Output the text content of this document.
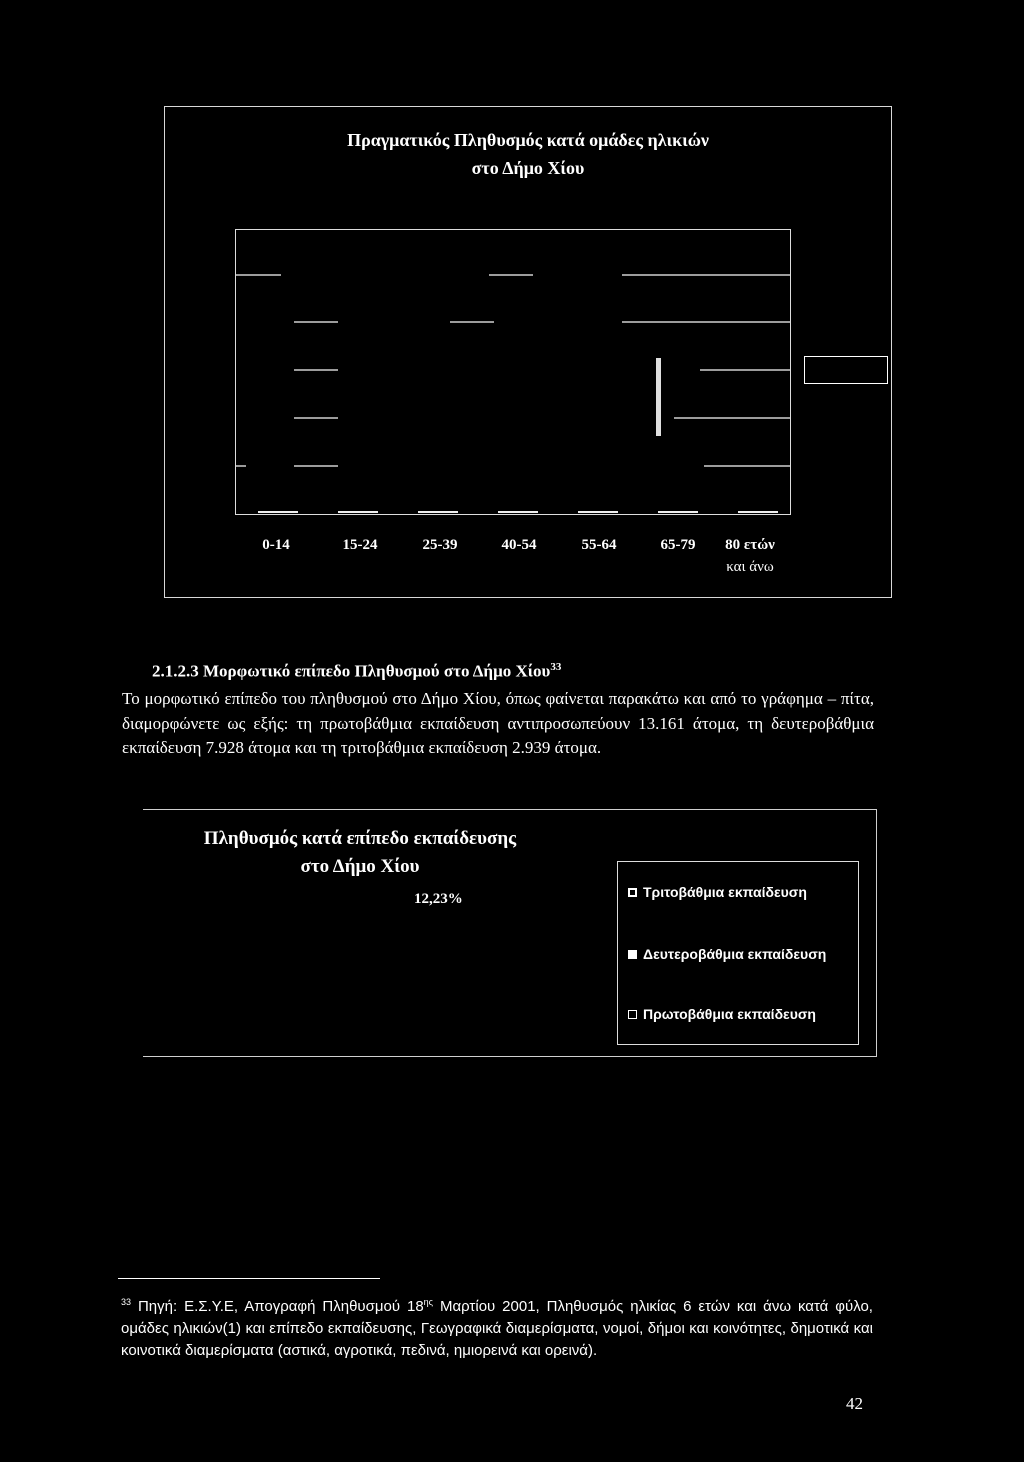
Πραγματικός Πληθυσμός κατά ομάδες ηλικιών
στο Δήμο Χίου
0-14	15-24	25-39	40-54	55-64	65-79	80 ετών
και άνω
2.1.2.3 Μορφωτικό επίπεδο Πληθυσμού στο Δήμο Χίου$^{33}$
Το μορφωτικό επίπεδο του πληθυσμού στο Δήμο Χίου, όπως φαίνεται παρακάτω και από το γράφημα – πίτα, διαμορφώνετε ως εξής: τη πρωτοβάθμια εκπαίδευση αντιπροσωπεύουν 13.161 άτομα, τη δευτεροβάθμια εκπαίδευση 7.928 άτομα και τη τριτοβάθμια εκπαίδευση 2.939 άτομα.
Πληθυσμός κατά επίπεδο εκπαίδευσης
στο Δήμο Χίου
12,23%	Τριτοβάθμια εκπαίδευση
Δευτεροβάθμια εκπαίδευση
Πρωτοβάθμια εκπαίδευση
$^{33}$ Πηγή: Ε.Σ.Υ.Ε, Απογραφή Πληθυσμού $18^{\eta\varsigma}$ Μαρτίου 2001, Πληθυσμός ηλικίας 6 ετών και άνω κατά φύλο, ομάδες ηλικιών(1) και επίπεδο εκπαίδευσης, Γεωγραφικά διαμερίσματα, νομοί, δήμοι και κοινότητες, δημοτικά και κοινοτικά διαμερίσματα (αστικά, αγροτικά, πεδινά, ημιορεινά και ορεινά).
42
